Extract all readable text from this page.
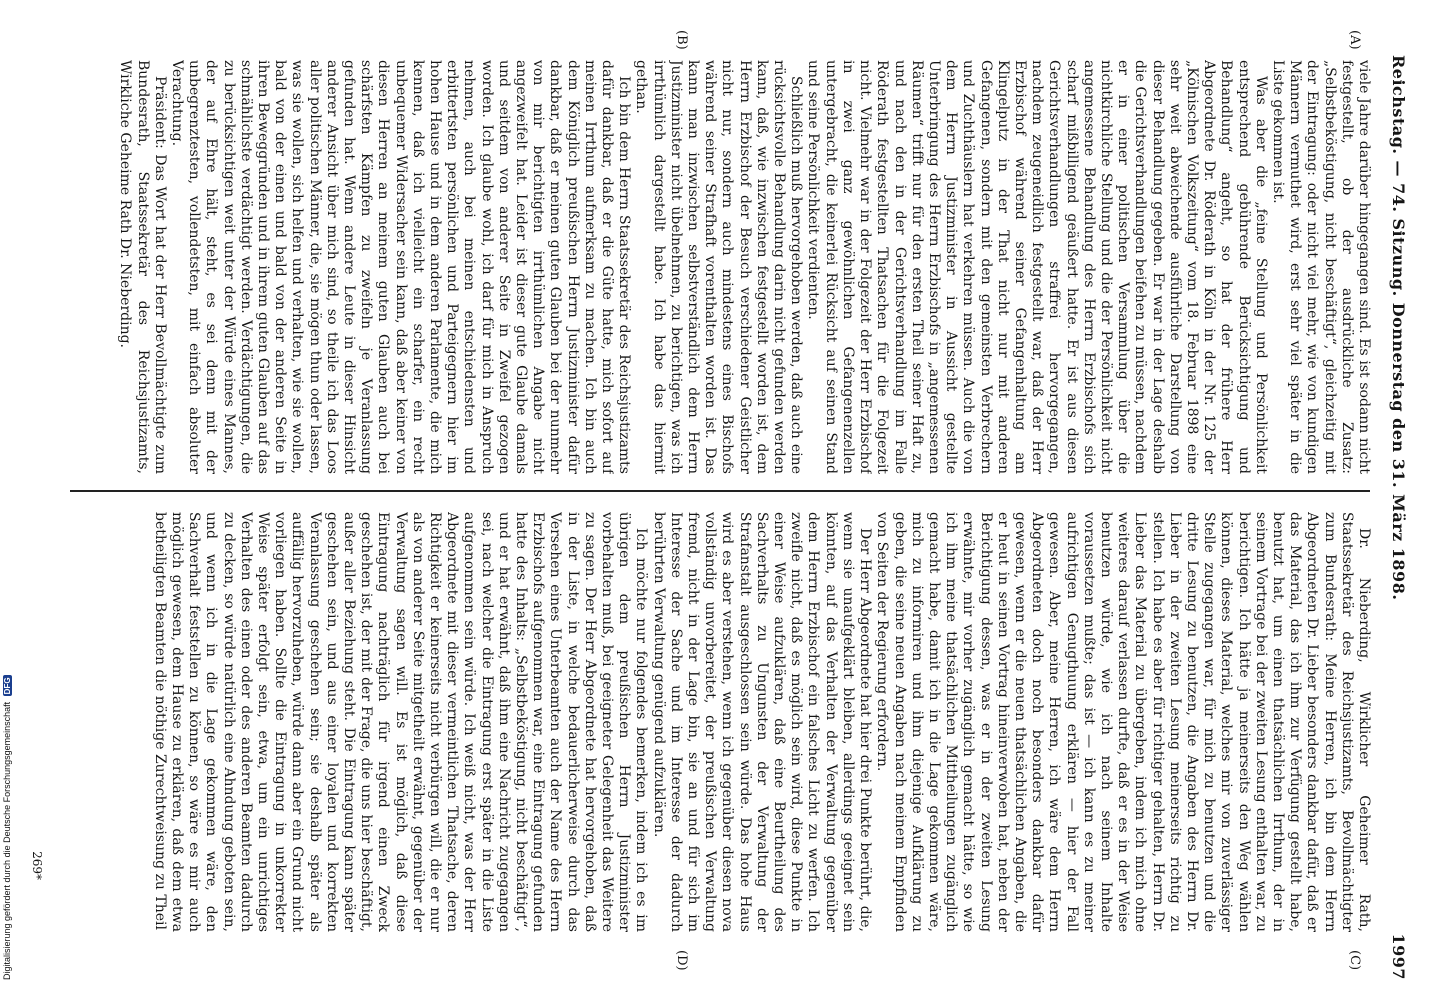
Reichstag. — 74. Sitzung. Donnerstag den 31. März 1898.
1997
(A)
(B)
(C)
(D)

viele Jahre darüber hingegangen sind. Es ist sodann nicht festgestellt, ob der ausdrückliche Zusatz: „Selbstbeköstigung, nicht beschäftigt“, gleichzeitig mit der Eintragung: oder nicht viel mehr, wie von kundigen Männern vermuthet wird, erst sehr viel später in die Liste gekommen ist.

Was aber die „feine Stellung und Persönlichkeit entsprechend gebührende Berücksichtigung und Behandlung“ angeht, so hat der frühere Herr Abgeordnete Dr. Röderath in Köln in der Nr. 125 der „Kölnischen Volkszeitung“ vom 18. Februar 1898 eine sehr weit abweichende ausführliche Darstellung von dieser Behandlung gegeben. Er war in der Lage deshalb die Gerichtsverhandlungen beifehen zu müssen, nachdem er in einer politischen Versammlung über die nichtkirchliche Stellung und die der Persönlichkeit nicht angemessene Behandlung des Herrn Erzbischofs sich scharf mißbilligend geäußert hatte. Er ist aus diesen Gerichtsverhandlungen straffrei hervorgegangen, nachdem zeugeneidlich festgestellt war, daß der Herr Erzbischof während seiner Gefangenhaltung am Klingelputz in der That nicht nur mit anderen Gefangenen, sondern mit den gemeinsten Verbrechern und Zuchthäuslern hat verkehren müssen. Auch die von dem Herrn Justizminister in Aussicht gestellte Unterbringung des Herrn Erzbischofs in „angemessenen Räumen“ trifft nur für den ersten Theil seiner Haft zu, und nach den in der Gerichtsverhandlung im Falle Röderath festgestellten Thatsachen für die Folgezeit nicht. Vielmehr war in der Folgezeit der Herr Erzbischof in zwei ganz gewöhnlichen Gefangenenzellen untergebracht, die keinerlei Rücksicht auf seinen Stand und seine Persönlichkeit verdienten.

Schließlich muß hervorgehoben werden, daß auch eine rücksichtsvolle Behandlung darin nicht gefunden werden kann, daß, wie inzwischen festgestellt worden ist, dem Herrn Erzbischof der Besuch verschiedener Geistlicher nicht nur, sondern auch mindestens eines Bischofs während seiner Strafhaft vorenthalten worden ist. Das kann man inzwischen selbstverständlich dem Herrn Justizminister nicht übelnehmen, zu berichtigen, was ich irrthümlich dargestellt habe. Ich habe das hiermit gethan.

Ich bin dem Herrn Staatssekretär des Reichsjustizamts dafür dankbar, daß er die Güte hatte, mich sofort auf meinen Irrthum aufmerksam zu machen. Ich bin auch dem Königlich preußischen Herrn Justizminister dafür dankbar, daß er meinen guten Glauben bei der nunmehr von mir berichtigten irrthümlichen Angabe nicht angezweifelt hat. Leider ist dieser gute Glaube damals und seitdem von anderer Seite in Zweifel gezogen worden. Ich glaube wohl, ich darf für mich in Anspruch nehmen, auch bei meinen entschiedensten und erbittertsten persönlichen und Parteigegnern hier im hohen Hause und in dem anderen Parlamente, die mich kennen, daß ich vielleicht ein scharfer, ein recht unbequemer Widersacher sein kann, daß aber keiner von diesen Herren an meinem guten Glauben auch bei schärfsten Kämpfen zu zweifeln je Veranlassung gefunden hat. Wenn andere Leute in dieser Hinsicht anderer Ansicht über mich sind, so theile ich das Loos aller politischen Männer, die, sie mögen thun oder lassen, was sie wollen, sich helfen und verhalten, wie sie wollen, bald von der einen und bald von der anderen Seite in ihren Beweggründen und in ihrem guten Glauben auf das schmählichste verdächtigt werden. Verdächtigungen, die zu berücksichtigen weit unter der Würde eines Mannes, der auf Ehre hält, steht, es sei denn mit der unbegrenztesten, vollendetsten, mit einfach absoluter Verachtung.

Präsident: Das Wort hat der Herr Bevollmächtigte zum Bundesrath, Staatssekretär des Reichsjustizamts, Wirkliche Geheime Rath Dr. Nieberding.

Dr. Nieberding, Wirklicher Geheimer Rath, Staatssekretär des Reichsjustizamts, Bevollmächtigter zum Bundesrath: Meine Herren, ich bin dem Herrn Abgeordneten Dr. Lieber besonders dankbar dafür, daß er das Material, das ich ihm zur Verfügung gestellt habe, benutzt hat, um einen thatsächlichen Irrthum, der in seinem Vortrage bei der zweiten Lesung enthalten war, zu berichtigen. Ich hätte ja meinerseits den Weg wählen können, dieses Material, welches mir von zuverlässiger Stelle zugegangen war, für mich zu benutzen und die dritte Lesung zu benutzen, die Angaben des Herrn Dr. Lieber in der zweiten Lesung meinerseits richtig zu stellen. Ich habe es aber für richtiger gehalten, Herrn Dr. Lieber das Material zu übergeben, indem ich mich ohne weiteres darauf verlassen durfte, daß er es in der Weise benutzen würde, wie ich nach seinem Inhalte voraussetzen mußte; das ist — ich kann es zu meiner aufrichtigen Genugthuung erklären — hier der Fall gewesen. Aber, meine Herren, ich wäre dem Herrn Abgeordneten doch noch besonders dankbar dafür gewesen, wenn er die neuen thatsächlichen Angaben, die er heut in seinen Vortrag hineinverwoben hat, neben der Berichtigung dessen, was er in der zweiten Lesung erwähnte, mir vorher zugänglich gemacht hätte, so wie ich ihm meine thatsächlichen Mittheilungen zugänglich gemacht habe, damit ich in die Lage gekommen wäre, mich zu informiren und ihm diejenige Aufklärung zu geben, die seine neuen Angaben nach meinem Empfinden von Seiten der Regierung erfordern.

Der Herr Abgeordnete hat hier drei Punkte berührt, die, wenn sie unaufgeklärt bleiben, allerdings geeignet sein könnten, auf das Verhalten der Verwaltung gegenüber dem Herrn Erzbischof ein falsches Licht zu werfen. Ich zweifle nicht, daß es möglich sein wird, diese Punkte in einer Weise aufzuklären, daß eine Beurtheilung des Sachverhalts zu Ungunsten der Verwaltung der Strafanstalt ausgeschlossen sein würde. Das hohe Haus wird es aber verstehen, wenn ich gegenüber diesen nova vollständig unvorbereitet, der preußischen Verwaltung fremd, nicht in der Lage bin, sie an und für sich im Interesse der Sache und im Interesse der dadurch berührten Verwaltung genügend aufzuklären.

Ich möchte nur folgendes bemerken, indem ich es im übrigen dem preußischen Herrn Justizminister vorbehalten muß, bei geeigneter Gelegenheit das Weitere zu sagen. Der Herr Abgeordnete hat hervorgehoben, daß in der Liste, in welche bedauerlicherweise durch das Versehen eines Unterbeamten auch der Name des Herrn Erzbischofs aufgenommen war, eine Eintragung gefunden hatte des Inhalts: „Selbstbeköstigung, nicht beschäftigt“, und er hat erwähnt, daß ihm eine Nachricht zugegangen sei, nach welcher die Eintragung erst später in die Liste aufgenommen sein würde. Ich weiß nicht, was der Herr Abgeordnete mit dieser vermeintlichen Thatsache, deren Richtigkeit er keinerseits nicht verbürgen will, die er nur als von anderer Seite mitgetheilt erwähnt, gegenüber der Verwaltung sagen will. Es ist möglich, daß diese Eintragung nachträglich für irgend einen Zweck geschehen ist, der mit der Frage, die uns hier beschäftigt, außer aller Beziehung steht. Die Eintragung kann später geschehen sein, und aus einer loyalen und korrekten Veranlassung geschehen sein; sie deshalb später als auffällig hervorzuheben, würde dann aber ein Grund nicht vorliegen haben. Sollte die Eintragung in unkorrekter Weise später erfolgt sein, etwa, um ein unrichtiges Verhalten des einen oder des anderen Beamten dadurch zu decken, so würde natürlich eine Ahndung geboten sein, und wenn ich in die Lage gekommen wäre, den Sachverhalt feststellen zu können, so wäre es mir auch möglich gewesen, dem Hause zu erklären, daß dem etwa betheiligten Beamten die nöthige Zurechtweisung zu Theil

269*
Digitalisierung gefördert durch die Deutsche Forschungsgemeinschaft DFG
